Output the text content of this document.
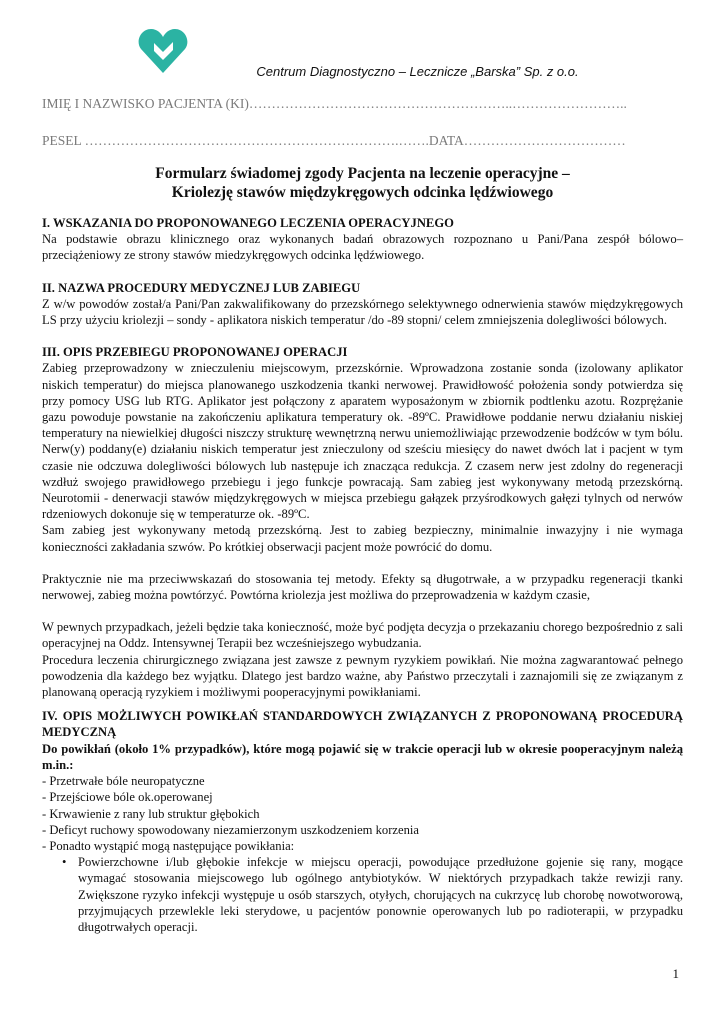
Centrum Diagnostyczno – Lecznicze „Barska” Sp. z o.o.
IMIĘ I NAZWISKO PACJENTA (KI)…………………………………………………..……………………..
PESEL …………………………………………………………….…….DATA………………………………
Formularz świadomej zgody Pacjenta na leczenie operacyjne –
Kriolezję stawów międzykręgowych odcinka lędźwiowego

I. WSKAZANIA DO PROPONOWANEGO LECZENIA OPERACYJNEGO

Na podstawie obrazu klinicznego oraz wykonanych badań obrazowych rozpoznano u Pani/Pana zespół bólowo–przeciążeniowy ze strony stawów miedzykręgowych odcinka lędźwiowego.

II. NAZWA PROCEDURY MEDYCZNEJ LUB ZABIEGU

Z w/w powodów został/a Pani/Pan zakwalifikowany do przezskórnego selektywnego odnerwienia stawów międzykręgowych LS przy użyciu kriolezji – sondy - aplikatora niskich temperatur /do -89 stopni/ celem zmniejszenia dolegliwości bólowych.

III. OPIS PRZEBIEGU PROPONOWANEJ OPERACJI

Zabieg przeprowadzony w znieczuleniu miejscowym, przezskórnie. Wprowadzona zostanie sonda (izolowany aplikator niskich temperatur) do miejsca planowanego uszkodzenia tkanki nerwowej. Prawidłowość położenia sondy potwierdza się przy pomocy USG lub RTG. Aplikator jest połączony z aparatem wyposażonym w zbiornik podtlenku azotu. Rozprężanie gazu powoduje powstanie na zakończeniu aplikatura temperatury ok. -89ºC. Prawidłowe poddanie nerwu działaniu niskiej temperatury na niewielkiej długości niszczy strukturę wewnętrzną nerwu uniemożliwiając przewodzenie bodźców w tym bólu. Nerw(y) poddany(e) działaniu niskich temperatur jest znieczulony od sześciu miesięcy do nawet dwóch lat i pacjent w tym czasie nie odczuwa dolegliwości bólowych lub następuje ich znacząca redukcja. Z czasem nerw jest zdolny do regeneracji wzdłuż swojego prawidłowego przebiegu i jego funkcje powracają. Sam zabieg jest wykonywany metodą przezskórną. Neurotomii - denerwacji stawów międzykręgowych w miejsca przebiegu gałązek przyśrodkowych gałęzi tylnych od nerwów rdzeniowych dokonuje się w temperaturze ok. -89ºC.

Sam zabieg jest wykonywany metodą przezskórną. Jest to zabieg bezpieczny, minimalnie inwazyjny i nie wymaga konieczności zakładania szwów. Po krótkiej obserwacji pacjent może powrócić do domu.

Praktycznie nie ma przeciwwskazań do stosowania tej metody. Efekty są długotrwałe, a w przypadku regeneracji tkanki nerwowej, zabieg można powtórzyć. Powtórna kriolezja jest możliwa do przeprowadzenia w każdym czasie,

W pewnych przypadkach, jeżeli będzie taka konieczność, może być podjęta decyzja o przekazaniu chorego bezpośrednio z sali operacyjnej na Oddz. Intensywnej Terapii bez wcześniejszego wybudzania.

Procedura leczenia chirurgicznego związana jest zawsze z pewnym ryzykiem powikłań. Nie można zagwarantować pełnego powodzenia dla każdego bez wyjątku. Dlatego jest bardzo ważne, aby Państwo przeczytali i zaznajomili się ze związanym z planowaną operacją ryzykiem i możliwymi pooperacyjnymi powikłaniami.

IV. OPIS MOŻLIWYCH POWIKŁAŃ STANDARDOWYCH ZWIĄZANYCH Z PROPONOWANĄ PROCEDURĄ MEDYCZNĄ

Do powikłań (około 1% przypadków), które mogą pojawić się w trakcie operacji lub w okresie pooperacyjnym należą m.in.:

- Przetrwałe bóle neuropatyczne

- Przejściowe bóle ok.operowanej

- Krwawienie z rany lub struktur głębokich

- Deficyt ruchowy spowodowany niezamierzonym uszkodzeniem korzenia

- Ponadto wystąpić mogą następujące powikłania:

• Powierzchowne i/lub głębokie infekcje w miejscu operacji, powodujące przedłużone gojenie się rany, mogące wymagać stosowania miejscowego lub ogólnego antybiotyków. W niektórych przypadkach także rewizji rany. Zwiększone ryzyko infekcji występuje u osób starszych, otyłych, chorujących na cukrzycę lub chorobę nowotworową, przyjmujących przewlekle leki sterydowe, u pacjentów ponownie operowanych lub po radioterapii, w przypadku długotrwałych operacji.
1
